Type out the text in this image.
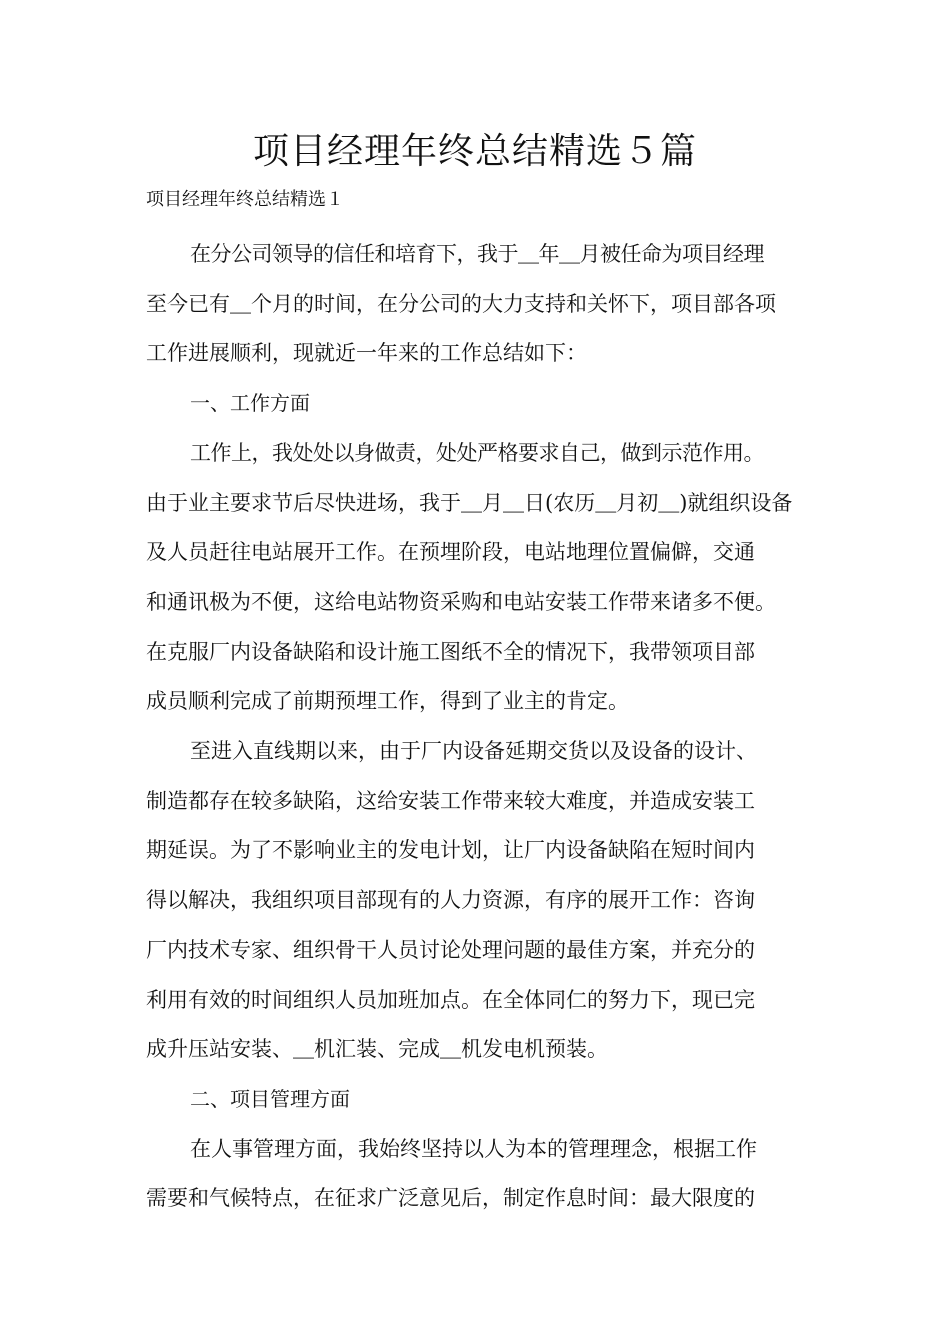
项目经理年终总结精选５篇

项目经理年终总结精选１

在分公司领导的信任和培育下，我于＿年＿月被任命为项目经理
至今已有＿个月的时间，在分公司的大力支持和关怀下，项目部各项
工作进展顺利，现就近一年来的工作总结如下：

一、工作方面

工作上，我处处以身做责，处处严格要求自己，做到示范作用。
由于业主要求节后尽快进场，我于＿月＿日(农历＿月初＿)就组织设备
及人员赶往电站展开工作。在预埋阶段，电站地理位置偏僻，交通
和通讯极为不便，这给电站物资采购和电站安装工作带来诸多不便。
在克服厂内设备缺陷和设计施工图纸不全的情况下，我带领项目部
成员顺利完成了前期预埋工作，得到了业主的肯定。

至进入直线期以来，由于厂内设备延期交货以及设备的设计、
制造都存在较多缺陷，这给安装工作带来较大难度，并造成安装工
期延误。为了不影响业主的发电计划，让厂内设备缺陷在短时间内
得以解决，我组织项目部现有的人力资源，有序的展开工作：咨询
厂内技术专家、组织骨干人员讨论处理问题的最佳方案，并充分的
利用有效的时间组织人员加班加点。在全体同仁的努力下，现已完
成升压站安装、＿机汇装、完成＿机发电机预装。

二、项目管理方面

在人事管理方面，我始终坚持以人为本的管理理念，根据工作
需要和气候特点，在征求广泛意见后，制定作息时间：最大限度的
